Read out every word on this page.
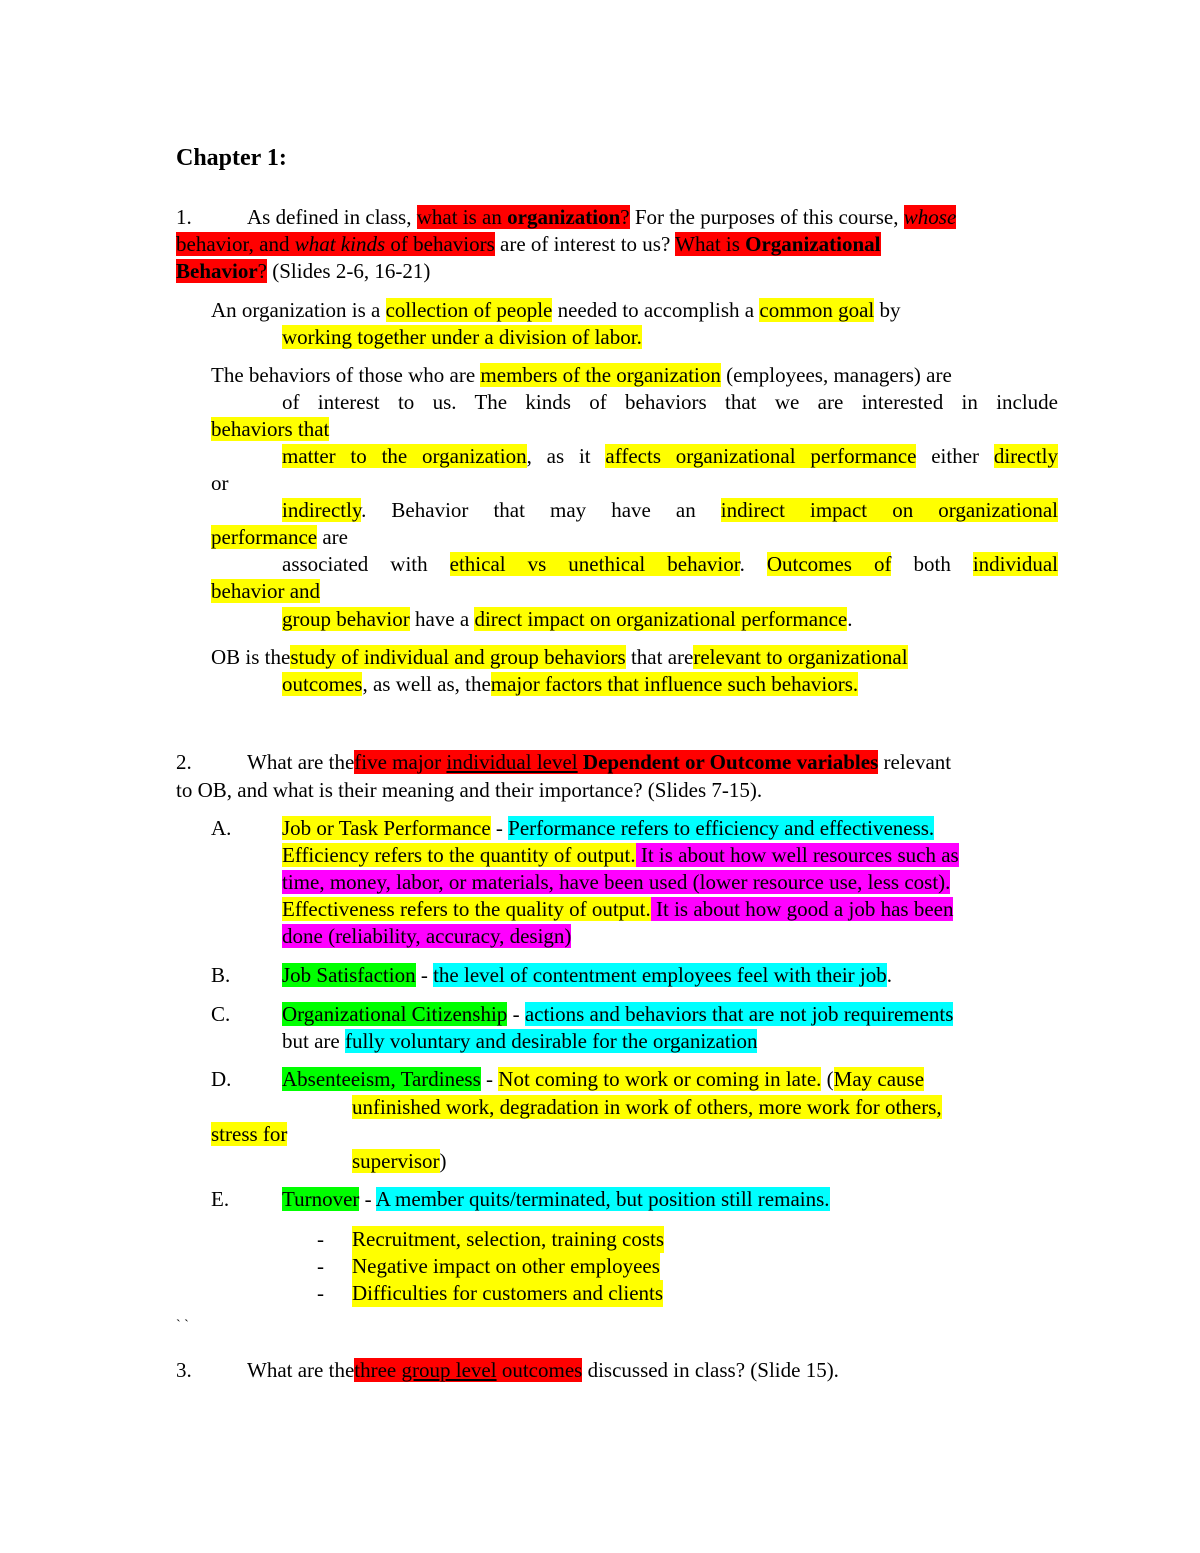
Chapter 1:
1.	As defined in class, what is an organization? For the purposes of this course, whose
behavior, and what kinds of behaviors are of interest to us? What is Organizational
Behavior? (Slides 2-6, 16-21)
An organization is a collection of people needed to accomplish a common goal by
working together under a division of labor.
The behaviors of those who are members of the organization (employees, managers) are
of interest to us. The kinds of behaviors that we are interested in include
behaviors that
matter to the organization, as it affects organizational performance either directly
or
indirectly. Behavior that may have an indirect impact on organizational
performance are
associated with ethical vs unethical behavior. Outcomes of both individual
behavior and
group behavior have a direct impact on organizational performance.
OB is thestudy of individual and group behaviors that arerelevant to organizational
outcomes, as well as, themajor factors that influence such behaviors.
2.	What are thefive major individual level Dependent or Outcome variables relevant
to OB, and what is their meaning and their importance? (Slides 7-15).
A. Job or Task Performance - Performance refers to efficiency and effectiveness.
Efficiency refers to the quantity of output. It is about how well resources such as
time, money, labor, or materials, have been used (lower resource use, less cost).
Effectiveness refers to the quality of output. It is about how good a job has been
done (reliability, accuracy, design)
B. Job Satisfaction - the level of contentment employees feel with their job.
C. Organizational Citizenship - actions and behaviors that are not job requirements
but are fully voluntary and desirable for the organization
D. Absenteeism, Tardiness - Not coming to work or coming in late. (May cause
unfinished work, degradation in work of others, more work for others,
stress for
supervisor)
E.	Turnover - A member quits/terminated, but position still remains.
- Recruitment, selection, training costs
- Negative impact on other employees
- Difficulties for customers and clients
` `
3.	What are thethree group level outcomes discussed in class? (Slide 15).
